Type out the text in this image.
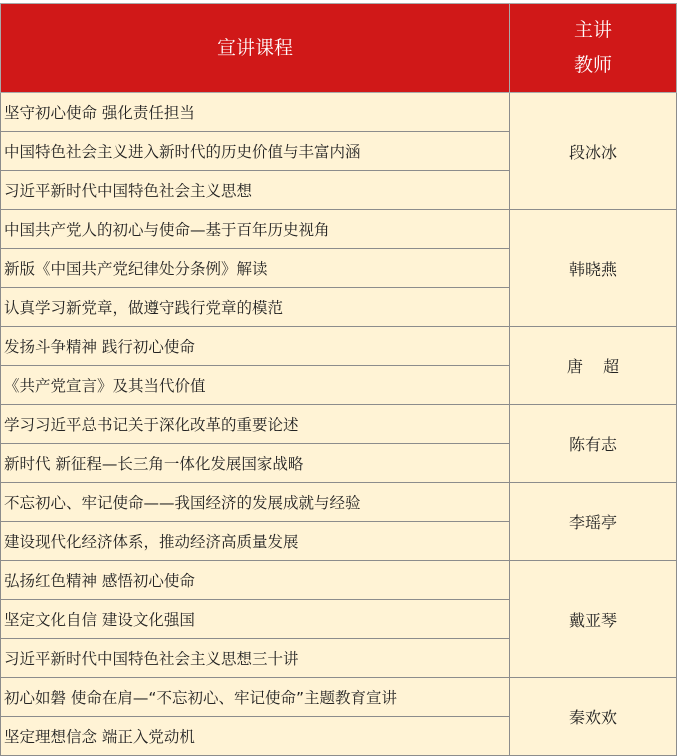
宣讲课程	主讲
教师

坚守初心使命 强化责任担当	段冰冰
中国特色社会主义进入新时代的历史价值与丰富内涵	
习近平新时代中国特色社会主义思想	
中国共产党人的初心与使命—基于百年历史视角	韩晓燕
新版《中国共产党纪律处分条例》解读	
认真学习新党章，做遵守践行党章的模范	
发扬斗争精神 践行初心使命	唐    超
《共产党宣言》及其当代价值	
学习习近平总书记关于深化改革的重要论述	陈有志
新时代 新征程—长三角一体化发展国家战略	
不忘初心、牢记使命——我国经济的发展成就与经验	李瑶亭
建设现代化经济体系，推动经济高质量发展	
弘扬红色精神 感悟初心使命	戴亚琴
坚定文化自信 建设文化强国	
习近平新时代中国特色社会主义思想三十讲	
初心如磐 使命在肩—“不忘初心、牢记使命”主题教育宣讲	秦欢欢
坚定理想信念 端正入党动机	
